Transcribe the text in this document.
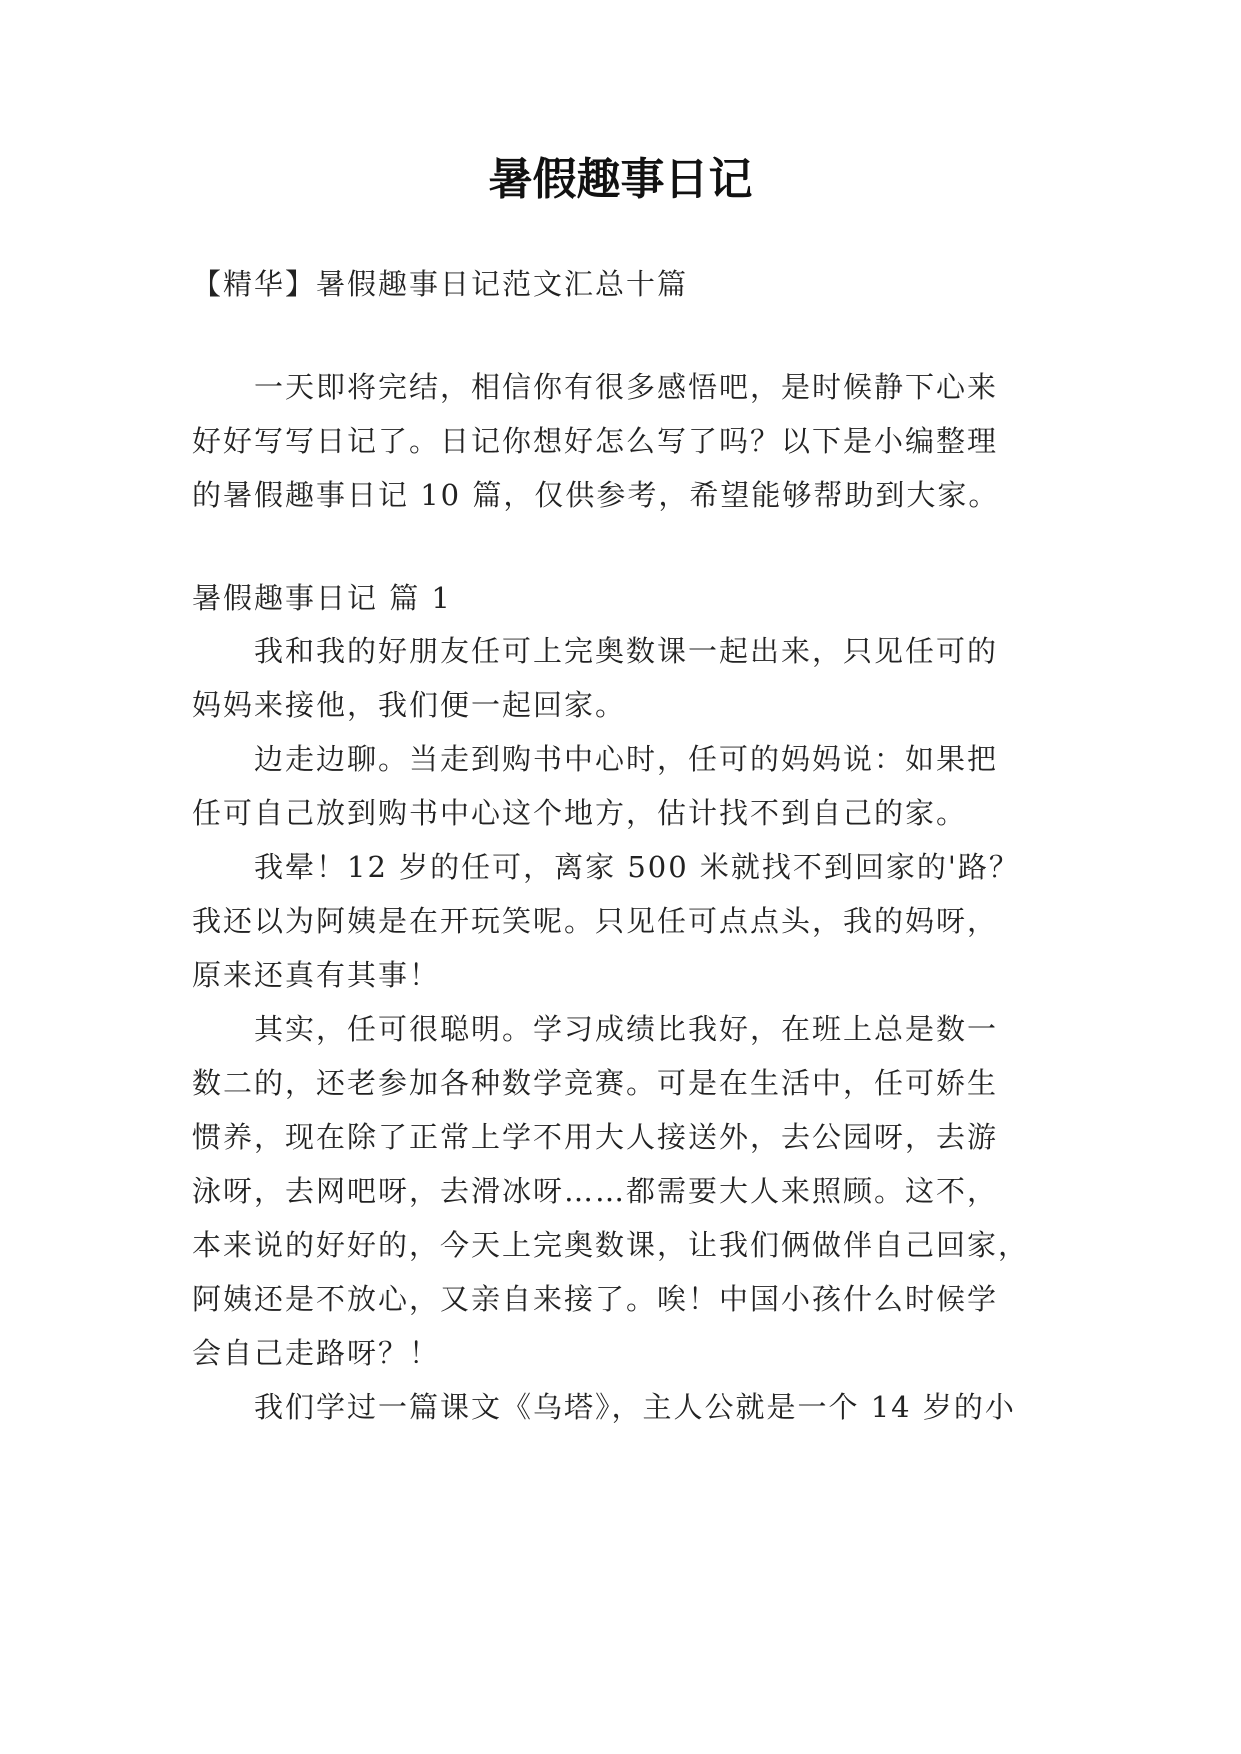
暑假趣事日记
【精华】暑假趣事日记范文汇总十篇
一天即将完结，相信你有很多感悟吧，是时候静下心来
好好写写日记了。日记你想好怎么写了吗？以下是小编整理
的暑假趣事日记 10 篇，仅供参考，希望能够帮助到大家。
暑假趣事日记 篇 1
我和我的好朋友任可上完奥数课一起出来，只见任可的
妈妈来接他，我们便一起回家。
边走边聊。当走到购书中心时，任可的妈妈说：如果把
任可自己放到购书中心这个地方，估计找不到自己的家。
我晕！12 岁的任可，离家 500 米就找不到回家的'路？
我还以为阿姨是在开玩笑呢。只见任可点点头，我的妈呀，
原来还真有其事！
其实，任可很聪明。学习成绩比我好，在班上总是数一
数二的，还老参加各种数学竞赛。可是在生活中，任可娇生
惯养，现在除了正常上学不用大人接送外，去公园呀，去游
泳呀，去网吧呀，去滑冰呀……都需要大人来照顾。这不，
本来说的好好的，今天上完奥数课，让我们俩做伴自己回家，
阿姨还是不放心，又亲自来接了。唉！中国小孩什么时候学
会自己走路呀？！
我们学过一篇课文《乌塔》，主人公就是一个 14 岁的小
